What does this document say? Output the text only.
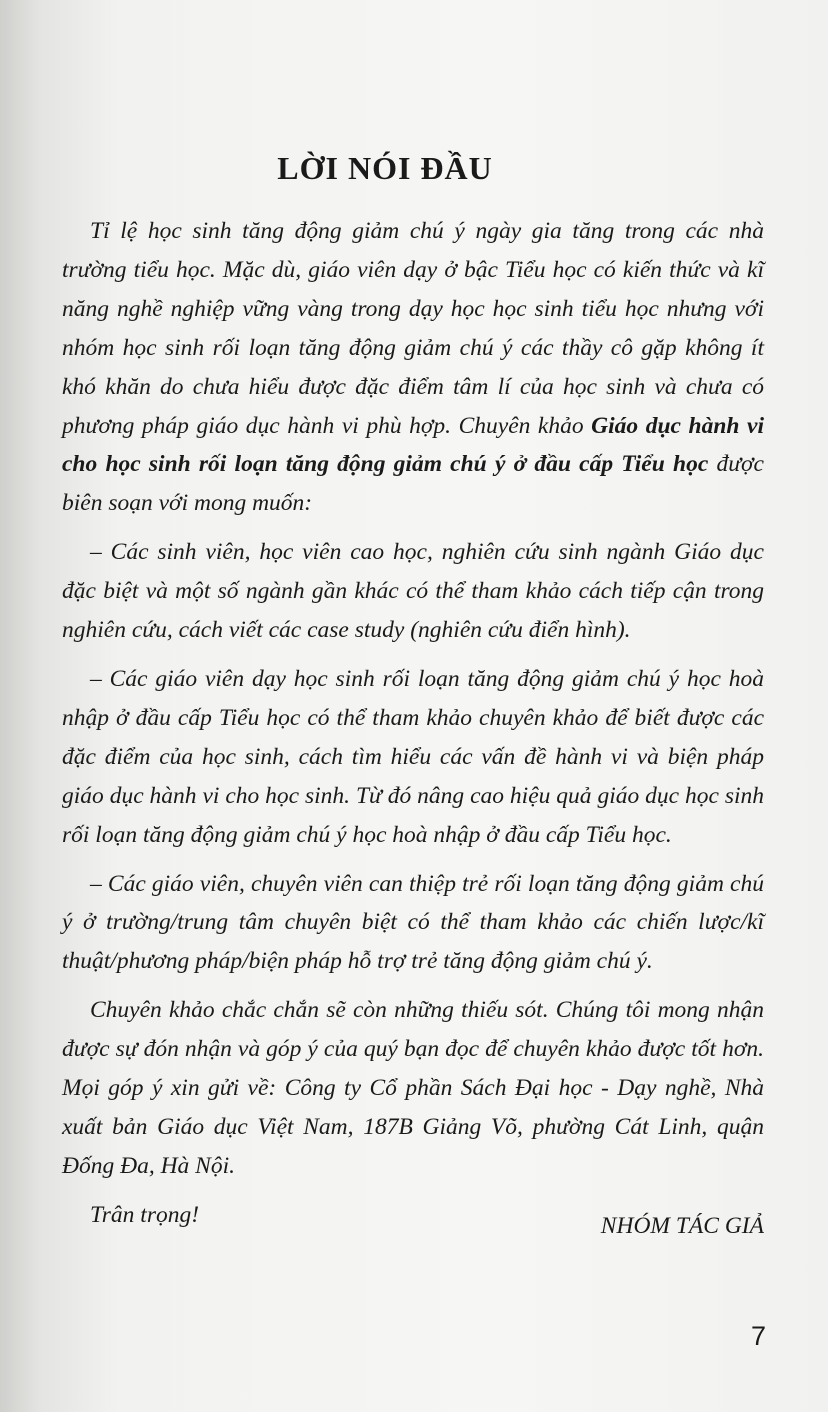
LỜI NÓI ĐẦU

Tỉ lệ học sinh tăng động giảm chú ý ngày gia tăng trong các nhà trường tiểu học. Mặc dù, giáo viên dạy ở bậc Tiểu học có kiến thức và kĩ năng nghề nghiệp vững vàng trong dạy học học sinh tiểu học nhưng với nhóm học sinh rối loạn tăng động giảm chú ý các thầy cô gặp không ít khó khăn do chưa hiểu được đặc điểm tâm lí của học sinh và chưa có phương pháp giáo dục hành vi phù hợp. Chuyên khảo Giáo dục hành vi cho học sinh rối loạn tăng động giảm chú ý ở đầu cấp Tiểu học được biên soạn với mong muốn:

– Các sinh viên, học viên cao học, nghiên cứu sinh ngành Giáo dục đặc biệt và một số ngành gần khác có thể tham khảo cách tiếp cận trong nghiên cứu, cách viết các case study (nghiên cứu điển hình).

– Các giáo viên dạy học sinh rối loạn tăng động giảm chú ý học hoà nhập ở đầu cấp Tiểu học có thể tham khảo chuyên khảo để biết được các đặc điểm của học sinh, cách tìm hiểu các vấn đề hành vi và biện pháp giáo dục hành vi cho học sinh. Từ đó nâng cao hiệu quả giáo dục học sinh rối loạn tăng động giảm chú ý học hoà nhập ở đầu cấp Tiểu học.

– Các giáo viên, chuyên viên can thiệp trẻ rối loạn tăng động giảm chú ý ở trường/trung tâm chuyên biệt có thể tham khảo các chiến lược/kĩ thuật/phương pháp/biện pháp hỗ trợ trẻ tăng động giảm chú ý.

Chuyên khảo chắc chắn sẽ còn những thiếu sót. Chúng tôi mong nhận được sự đón nhận và góp ý của quý bạn đọc để chuyên khảo được tốt hơn. Mọi góp ý xin gửi về: Công ty Cổ phần Sách Đại học - Dạy nghề, Nhà xuất bản Giáo dục Việt Nam, 187B Giảng Võ, phường Cát Linh, quận Đống Đa, Hà Nội.

Trân trọng!	NHÓM TÁC GIẢ
7
